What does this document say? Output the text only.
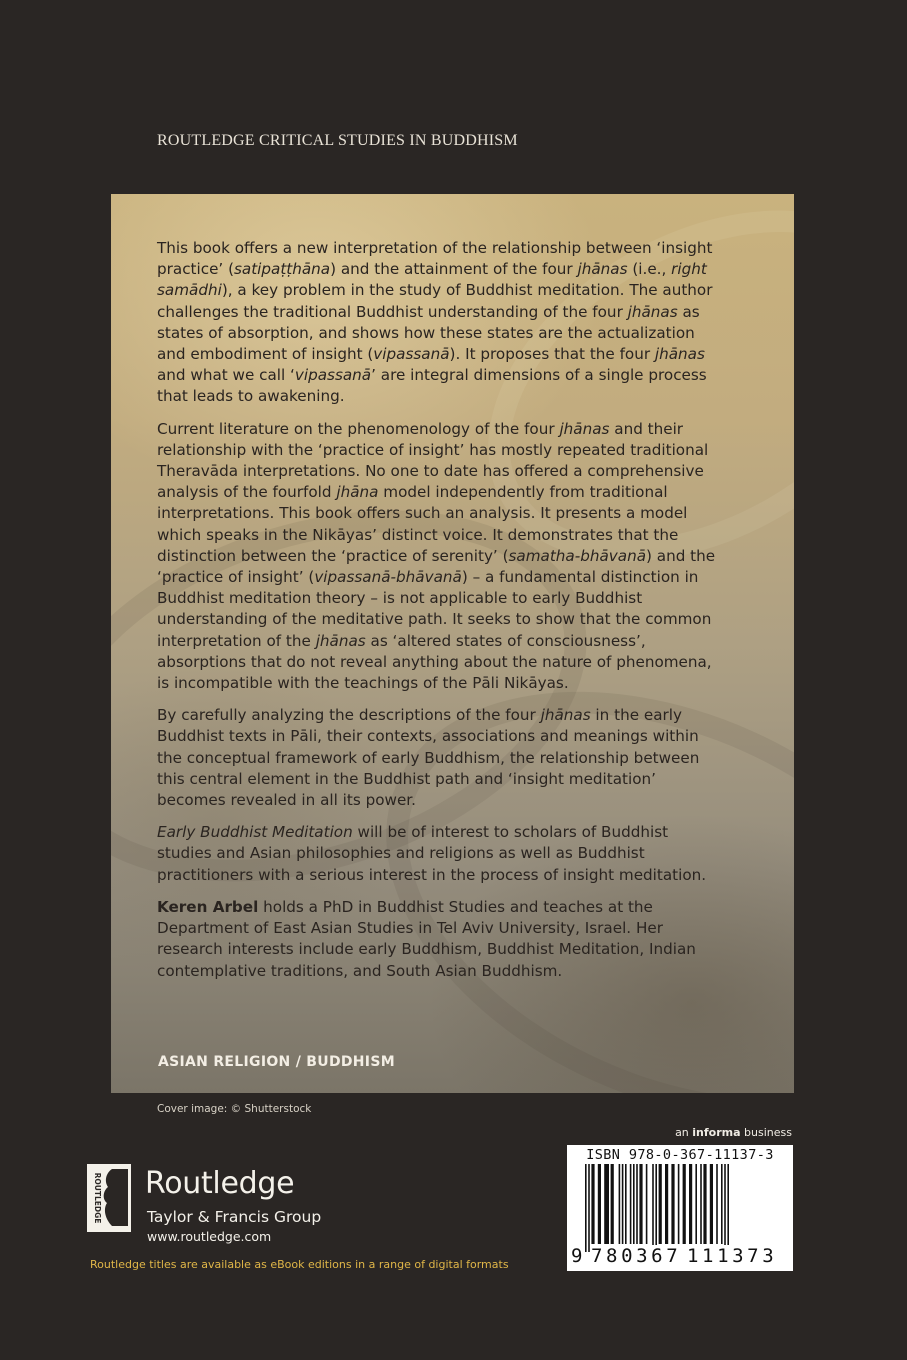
ROUTLEDGE CRITICAL STUDIES IN BUDDHISM

This book offers a new interpretation of the relationship between ‘insight practice’ (satipaṭṭhāna) and the attainment of the four jhānas (i.e., right samādhi), a key problem in the study of Buddhist meditation. The author challenges the traditional Buddhist understanding of the four jhānas as states of absorption, and shows how these states are the actualization and embodiment of insight (vipassanā). It proposes that the four jhānas and what we call ‘vipassanā’ are integral dimensions of a single process that leads to awakening.

Current literature on the phenomenology of the four jhānas and their relationship with the ‘practice of insight’ has mostly repeated traditional Theravāda interpretations. No one to date has offered a comprehensive analysis of the fourfold jhāna model independently from traditional interpretations. This book offers such an analysis. It presents a model which speaks in the Nikāyas’ distinct voice. It demonstrates that the distinction between the ‘practice of serenity’ (samatha-bhāvanā) and the ‘practice of insight’ (vipassanā-bhāvanā) – a fundamental distinction in Buddhist meditation theory – is not applicable to early Buddhist understanding of the meditative path. It seeks to show that the common interpretation of the jhānas as ‘altered states of consciousness’, absorptions that do not reveal anything about the nature of phenomena, is incompatible with the teachings of the Pāli Nikāyas.

By carefully analyzing the descriptions of the four jhānas in the early Buddhist texts in Pāli, their contexts, associations and meanings within the conceptual framework of early Buddhism, the relationship between this central element in the Buddhist path and ‘insight meditation’ becomes revealed in all its power.

Early Buddhist Meditation will be of interest to scholars of Buddhist studies and Asian philosophies and religions as well as Buddhist practitioners with a serious interest in the process of insight meditation.

Keren Arbel holds a PhD in Buddhist Studies and teaches at the Department of East Asian Studies in Tel Aviv University, Israel. Her research interests include early Buddhism, Buddhist Meditation, Indian contemplative traditions, and South Asian Buddhism.

ASIAN RELIGION / BUDDHISM
Cover image: © Shutterstock
an informa business
ROUTLEDGE Routledge
Taylor & Francis Group
www.routledge.com
Routledge titles are available as eBook editions in a range of digital formats
ISBN 978-0-367-11137-3
9 780367 111373
